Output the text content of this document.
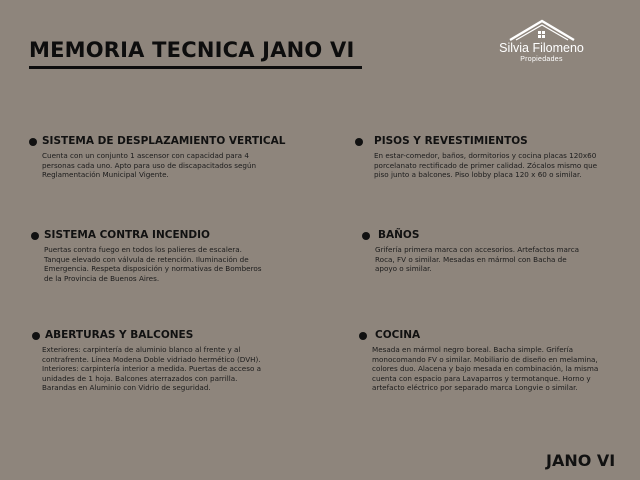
MEMORIA TECNICA JANO VI	Silvia Filomeno
Propiedades
SISTEMA DE DESPLAZAMIENTO VERTICAL
Cuenta con un conjunto 1 ascensor con capacidad para 4 personas cada uno. Apto para uso de discapacitados según Reglamentación Municipal Vigente.
PISOS Y REVESTIMIENTOS
En estar-comedor, baños, dormitorios y cocina placas 120x60 porcelanato rectificado de primer calidad. Zócalos mismo que piso junto a balcones. Piso lobby placa 120 x 60 o similar.
SISTEMA CONTRA INCENDIO
Puertas contra fuego en todos los palieres de escalera. Tanque elevado con válvula de retención. Iluminación de Emergencia. Respeta disposición y normativas de Bomberos de la Provincia de Buenos Aires.
BAÑOS
Grifería primera marca con accesorios. Artefactos marca Roca, FV o similar. Mesadas en mármol con Bacha de apoyo o similar.
ABERTURAS Y BALCONES
Exteriores: carpintería de aluminio blanco al frente y al contrafrente. Línea Modena Doble vidriado hermético (DVH). Interiores: carpintería interior a medida. Puertas de acceso a unidades de 1 hoja. Balcones aterrazados con parrilla. Barandas en Aluminio con Vidrio de seguridad.
COCINA
Mesada en mármol negro boreal. Bacha simple. Grifería monocomando FV o similar. Mobiliario de diseño en melamina, colores duo. Alacena y bajo mesada en combinación, la misma cuenta con espacio para Lavaparros y termotanque. Horno y artefacto eléctrico por separado marca Longvie o similar.
JANO VI
